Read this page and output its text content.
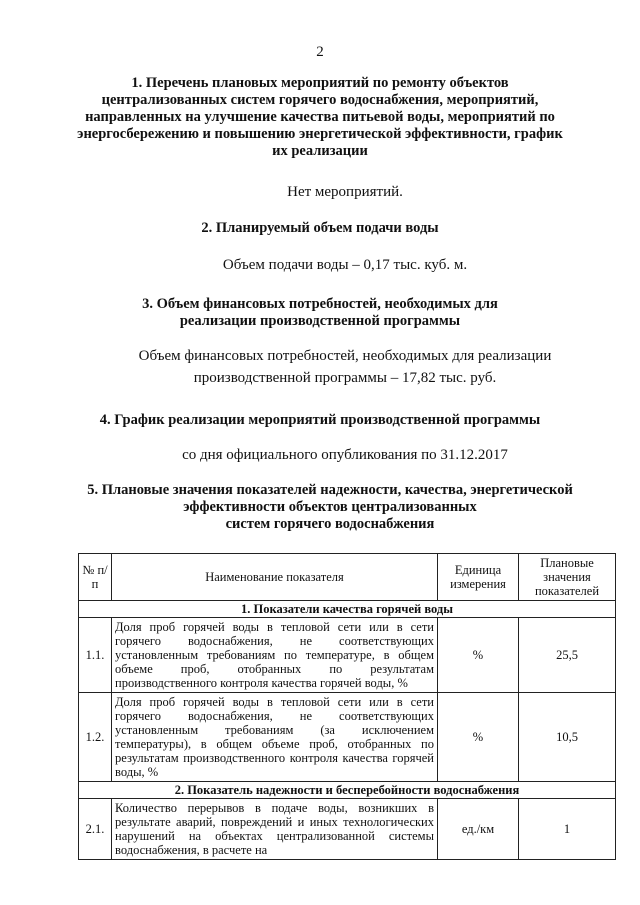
2
1. Перечень плановых мероприятий по ремонту объектов
централизованных систем горячего водоснабжения, мероприятий,
направленных на улучшение качества питьевой воды, мероприятий по
энергосбережению и повышению энергетической эффективности, график
их реализации
Нет мероприятий.
2. Планируемый объем подачи воды
Объем подачи воды – 0,17 тыс. куб. м.
3. Объем финансовых потребностей, необходимых для
реализации производственной программы
Объем финансовых потребностей, необходимых для реализации
производственной программы – 17,82 тыс. руб.
4. График реализации мероприятий производственной программы
со дня официального опубликования по 31.12.2017
5. Плановые значения показателей надежности, качества, энергетической
эффективности объектов централизованных
систем горячего водоснабжения
№ п/п	Наименование показателя	Единица измерения	Плановые значения показателей
1. Показатели качества горячей воды			
1.1.	Доля проб горячей воды в тепловой сети или в сети горячего водоснабжения, не соответствующих установленным требованиям по температуре, в общем объеме проб, отобранных по результатам производственного контроля качества горячей воды, %	%	25,5
1.2.	Доля проб горячей воды в тепловой сети или в сети горячего водоснабжения, не соответствующих установленным требованиям (за исключением температуры), в общем объеме проб, отобранных по результатам производственного контроля качества горячей воды, %	%	10,5
2. Показатель надежности и бесперебойности водоснабжения			
2.1.	Количество перерывов в подаче воды, возникших в результате аварий, повреждений и иных технологических нарушений на объектах централизованной системы водоснабжения, в расчете на	ед./км	1
